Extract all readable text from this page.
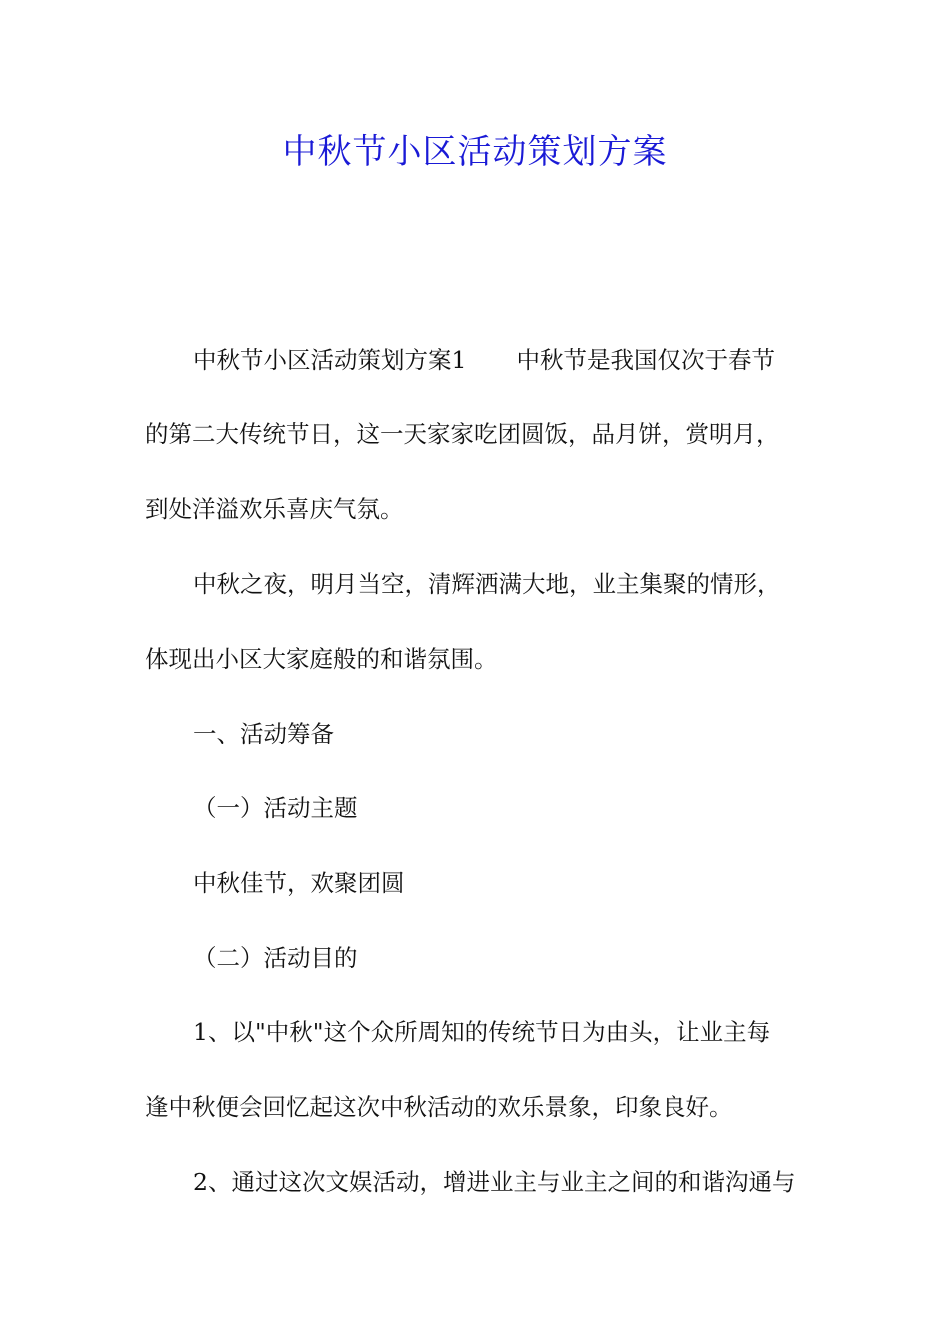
中秋节小区活动策划方案

中秋节小区活动策划方案1 中秋节是我国仅次于春节

的第二大传统节日，这一天家家吃团圆饭，品月饼，赏明月，

到处洋溢欢乐喜庆气氛。

中秋之夜，明月当空，清辉洒满大地，业主集聚的情形，

体现出小区大家庭般的和谐氛围。

一、活动筹备

（一）活动主题

中秋佳节，欢聚团圆

（二）活动目的

1、以"中秋"这个众所周知的传统节日为由头，让业主每

逢中秋便会回忆起这次中秋活动的欢乐景象，印象良好。

2、通过这次文娱活动，增进业主与业主之间的和谐沟通与
